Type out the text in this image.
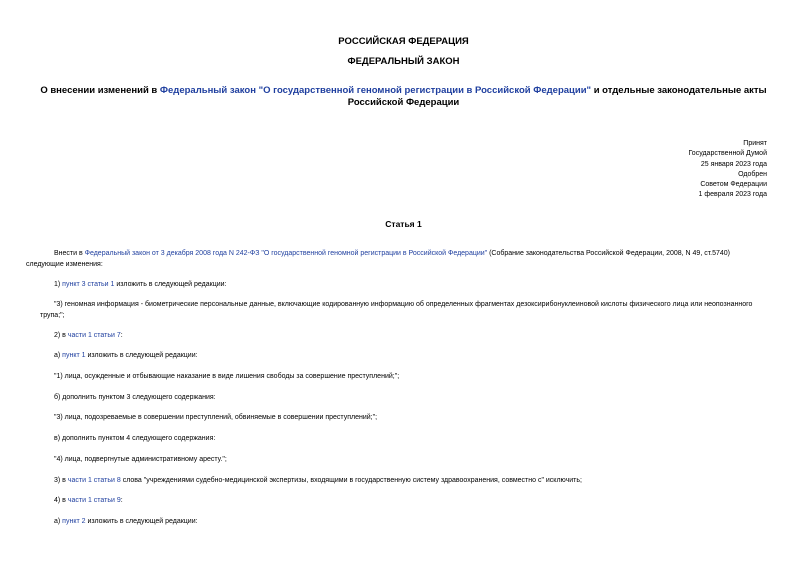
РОССИЙСКАЯ ФЕДЕРАЦИЯ
ФЕДЕРАЛЬНЫЙ ЗАКОН
О внесении изменений в Федеральный закон "О государственной геномной регистрации в Российской Федерации" и отдельные законодательные акты
Российской Федерации
Принят
Государственной Думой
25 января 2023 года
Одобрен
Советом Федерации
1 февраля 2023 года
Статья 1
Внести в Федеральный закон от 3 декабря 2008 года N 242-ФЗ "О государственной геномной регистрации в Российской Федерации" (Собрание законодательства Российской Федерации, 2008, N 49, ст.5740)
следующие изменения:
1) пункт 3 статьи 1 изложить в следующей редакции:
"3) геномная информация - биометрические персональные данные, включающие кодированную информацию об определенных фрагментах дезоксирибонуклеиновой кислоты физического лица или неопознанного
трупа;";
2) в части 1 статьи 7:
а) пункт 1 изложить в следующей редакции:
"1) лица, осужденные и отбывающие наказание в виде лишения свободы за совершение преступлений;";
б) дополнить пунктом 3 следующего содержания:
"3) лица, подозреваемые в совершении преступлений, обвиняемые в совершении преступлений;";
в) дополнить пунктом 4 следующего содержания:
"4) лица, подвергнутые административному аресту.";
3) в части 1 статьи 8 слова "учреждениями судебно-медицинской экспертизы, входящими в государственную систему здравоохранения, совместно с" исключить;
4) в части 1 статьи 9:
а) пункт 2 изложить в следующей редакции:
